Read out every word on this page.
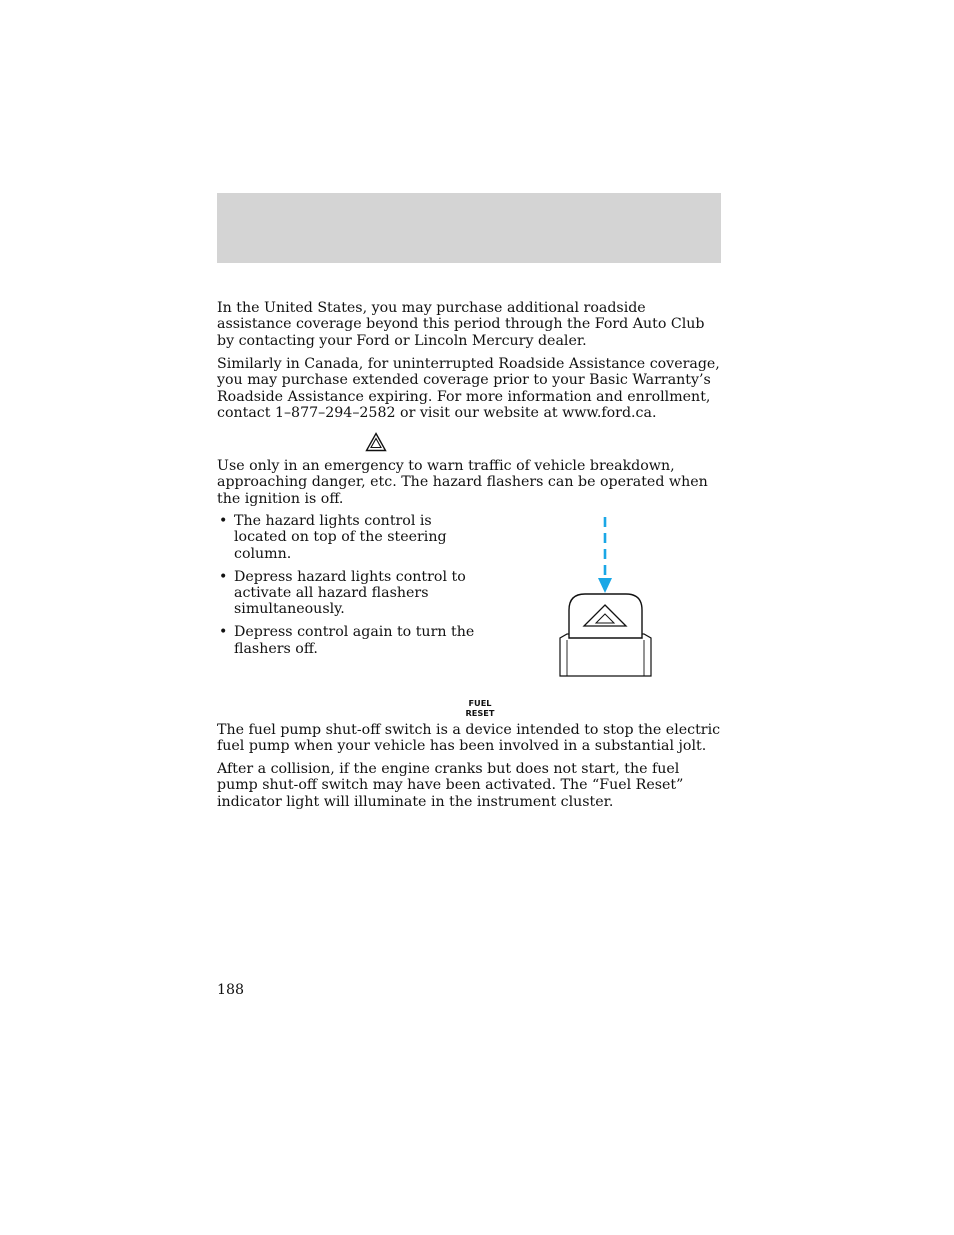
In the United States, you may purchase additional roadside assistance coverage beyond this period through the Ford Auto Club by contacting your Ford or Lincoln Mercury dealer.

Similarly in Canada, for uninterrupted Roadside Assistance coverage, you may purchase extended coverage prior to your Basic Warranty’s Roadside Assistance expiring. For more information and enrollment, contact 1–877–294–2582 or visit our website at www.ford.ca.

Use only in an emergency to warn traffic of vehicle breakdown, approaching danger, etc. The hazard flashers can be operated when the ignition is off.

• The hazard lights control is located on top of the steering column.
• Depress hazard lights control to activate all hazard flashers simultaneously.
• Depress control again to turn the flashers off.
FUEL
RESET

The fuel pump shut-off switch is a device intended to stop the electric fuel pump when your vehicle has been involved in a substantial jolt.

After a collision, if the engine cranks but does not start, the fuel pump shut-off switch may have been activated. The “Fuel Reset” indicator light will illuminate in the instrument cluster.

188
